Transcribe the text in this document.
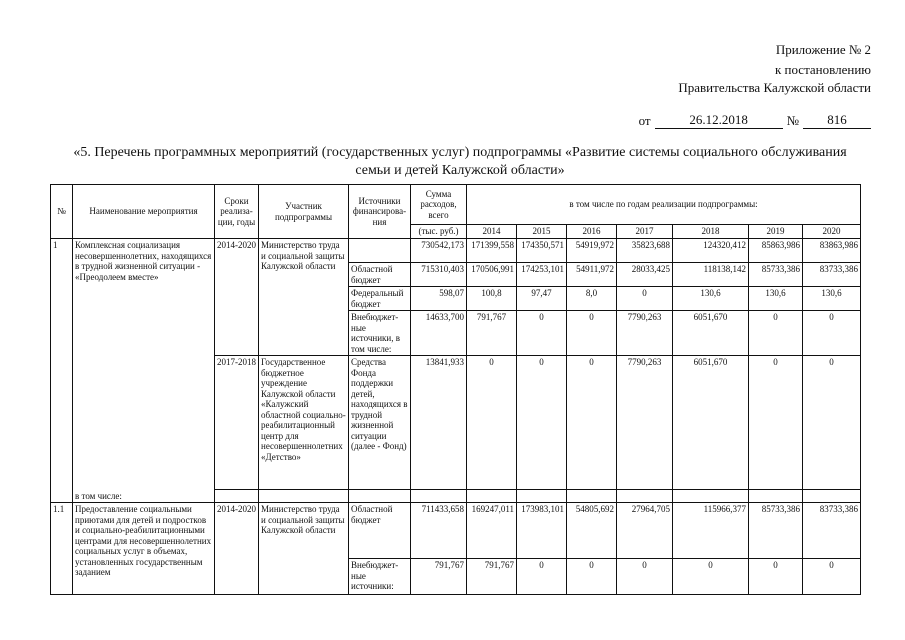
Приложение № 2
к постановлению
Правительства Калужской области
от	26.12.2018	№	816
«5. Перечень программных мероприятий (государственных услуг) подпрограммы «Развитие системы социального обслуживания
семьи и детей Калужской области»
№	Наименование мероприятия	Сроки реализа-ции, годы	Участник подпрограммы	Источники финансирова-ния	Сумма расходов, всего	в том числе по годам реализации подпрограммы:						
					(тыс. руб.)	2014	2015	2016	2017	2018	2019	2020
1	Комплексная социализация несовершеннолетних, находящихся в трудной жизненной ситуации - «Преодолеем вместе»	2014-2020	Министерство труда и социальной защиты Калужской области		730542,173	171399,558	174350,571	54919,972	35823,688	124320,412	85863,986	83863,986
				Областной бюджет	715310,403	170506,991	174253,101	54911,972	28033,425	118138,142	85733,386	83733,386
				Федеральный бюджет	598,07	100,8	97,47	8,0	0	130,6	130,6	130,6
				Внебюджет-ные источники, в том числе:	14633,700	791,767	0	0	7790,263	6051,670	0	0
		2017-2018	Государственное бюджетное учреждение Калужской области «Калужский областной социально-реабилитационный центр для несовершеннолетних «Детство»	Средства Фонда поддержки детей, находящихся в трудной жизненной ситуации (далее - Фонд)	13841,933	0	0	0	7790,263	6051,670	0	0
	в том числе:											
1.1	Предоставление социальными приютами для детей и подростков и социально-реабилитационными центрами для несовершеннолетних социальных услуг в объемах, установленных государственным заданием	2014-2020	Министерство труда и социальной защиты Калужской области	Областной бюджет	711433,658	169247,011	173983,101	54805,692	27964,705	115966,377	85733,386	83733,386
				Внебюджет-ные источники:	791,767	791,767	0	0	0	0	0	0
